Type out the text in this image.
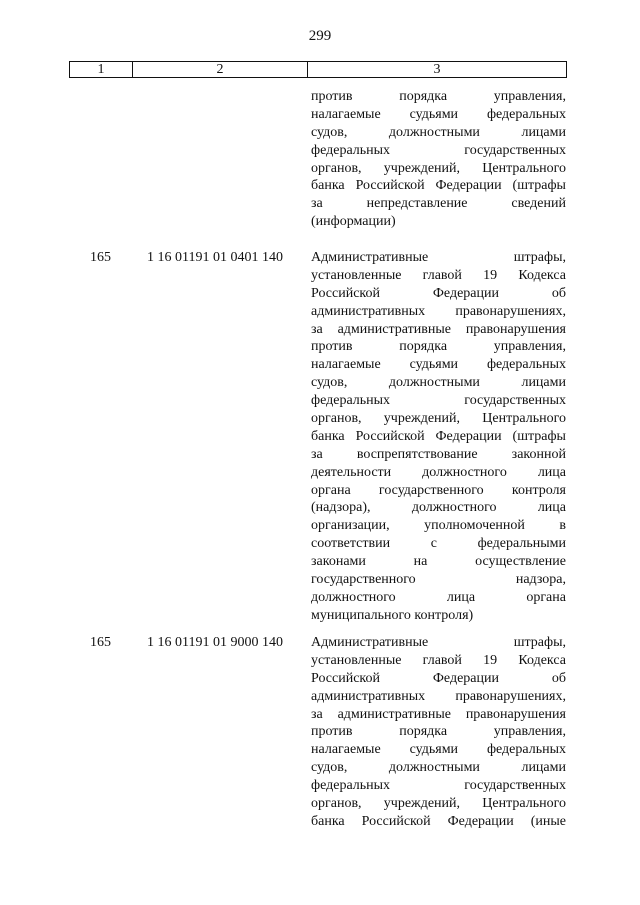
299
1	2	3
против	порядка	управления,
налагаемые судьями федеральных
судов,	должностными	лицами
федеральных	государственных
органов, учреждений, Центрального
банка Российской Федерации (штрафы
за	непредставление	сведений
(информации)
165	1 16 01191 01 0401 140 Административные	штрафы,
установленные главой 19 Кодекса
Российской	Федерации	об
административных правонарушениях,
за административные правонарушения
против	порядка	управления,
налагаемые судьями федеральных
судов,	должностными	лицами
федеральных	государственных
органов, учреждений, Центрального
банка Российской Федерации (штрафы
за воспрепятствование законной
деятельности должностного лица
органа государственного контроля
(надзора),	должностного	лица
организации, уполномоченной в
соответствии	с	федеральными
законами	на	осуществление
государственного	надзора,
должностного	лица	органа
муниципального контроля)
165	1 16 01191 01 9000 140 Административные	штрафы,
установленные главой 19 Кодекса
Российской	Федерации	об
административных правонарушениях,
за административные правонарушения
против	порядка	управления,
налагаемые судьями федеральных
судов,	должностными	лицами
федеральных	государственных
органов, учреждений, Центрального
банка Российской Федерации (иные
